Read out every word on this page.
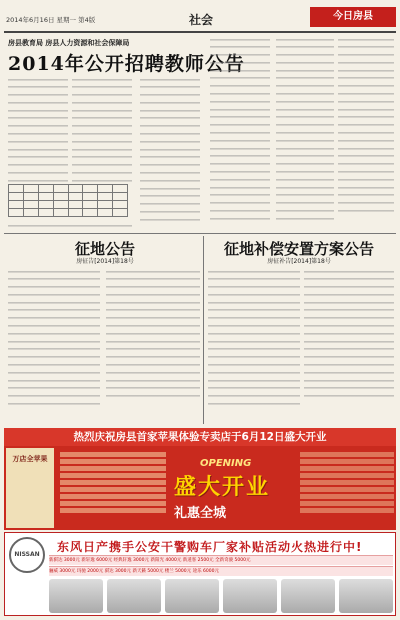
2014年6月16日 星期一 第4版	社会	今日房县
房县教育局 房县人力资源和社会保障局
2014年公开招聘教师公告

征地公告
房征告[2014]第18号
征地补偿安置方案公告
房征补告[2014]第18号
热烈庆祝房县首家苹果体验专卖店于6月12日盛大开业
万店全苹果	OPENING
盛大开业
礼惠全城
NISSAN
东风日产携手公安干警购车厂家补贴活动火热进行中!
新骐达 3000元 新轩逸 6000元 经典轩逸 3000元 新阳光 4000元 新逍客 2500元 全新奇骏 5000元
骊威 3000元 玛驰 2000元 骐达 3000元 新天籁 5000元 楼兰 5000元 途乐 6000元
